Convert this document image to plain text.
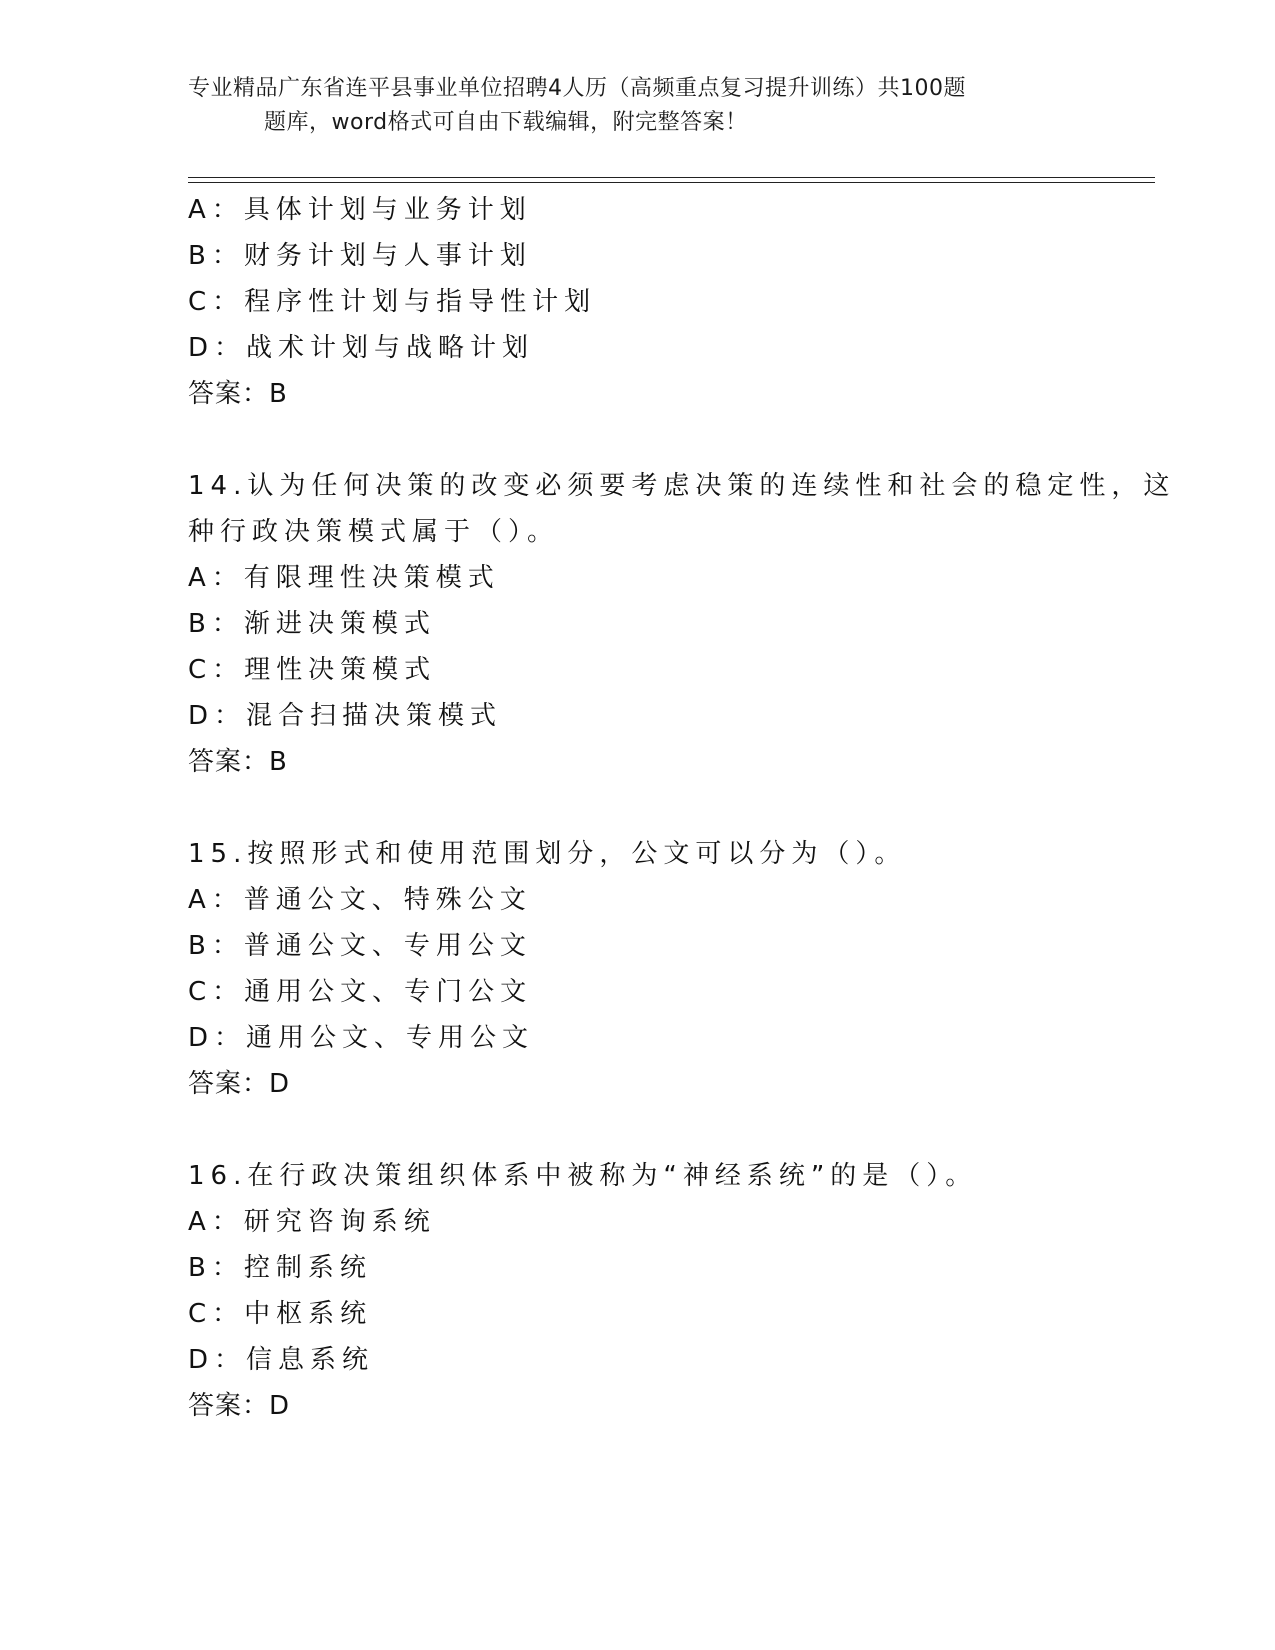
专业精品广东省连平县事业单位招聘4人历（高频重点复习提升训练）共100题
题库，word格式可自由下载编辑，附完整答案！
A：具体计划与业务计划
B：财务计划与人事计划
C：程序性计划与指导性计划
D：战术计划与战略计划
答案：B
14.认为任何决策的改变必须要考虑决策的连续性和社会的稳定性，这
种行政决策模式属于（）。
A：有限理性决策模式
B：渐进决策模式
C：理性决策模式
D：混合扫描决策模式
答案：B
15.按照形式和使用范围划分，公文可以分为（）。
A：普通公文、特殊公文
B：普通公文、专用公文
C：通用公文、专门公文
D：通用公文、专用公文
答案：D
16.在行政决策组织体系中被称为“神经系统”的是（）。
A：研究咨询系统
B：控制系统
C：中枢系统
D：信息系统
答案：D
